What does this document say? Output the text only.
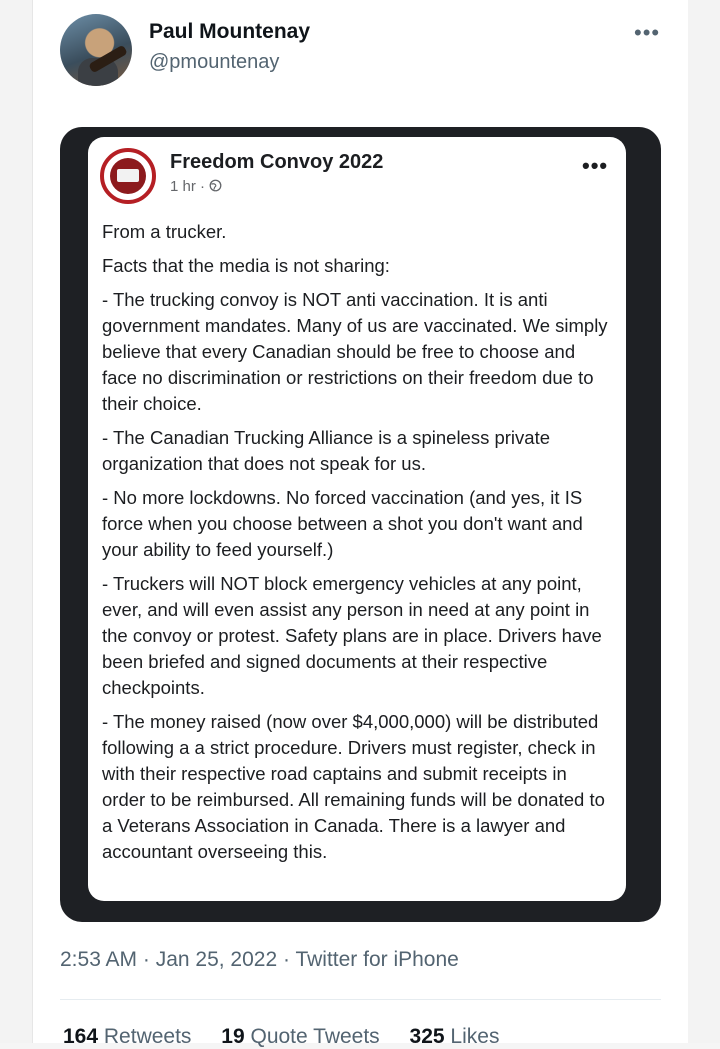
Paul Mountenay
@pmountenay
•••
Freedom Convoy 2022
1 hr ·
•••

From a trucker.

Facts that the media is not sharing:

- The trucking convoy is NOT anti vaccination. It is anti government mandates. Many of us are vaccinated. We simply believe that every Canadian should be free to choose and face no discrimination or restrictions on their freedom due to their choice.

- The Canadian Trucking Alliance is a spineless private organization that does not speak for us.

- No more lockdowns. No forced vaccination (and yes, it IS force when you choose between a shot you don't want and your ability to feed yourself.)

- Truckers will NOT block emergency vehicles at any point, ever, and will even assist any person in need at any point in the convoy or protest. Safety plans are in place. Drivers have been briefed and signed documents at their respective checkpoints.

- The money raised (now over $4,000,000) will be distributed following a a strict procedure. Drivers must register, check in with their respective road captains and submit receipts in order to be reimbursed. All remaining funds will be donated to a Veterans Association in Canada. There is a lawyer and accountant overseeing this.

2:53 AM · Jan 25, 2022 · Twitter for iPhone
164 Retweets 19 Quote Tweets 325 Likes
